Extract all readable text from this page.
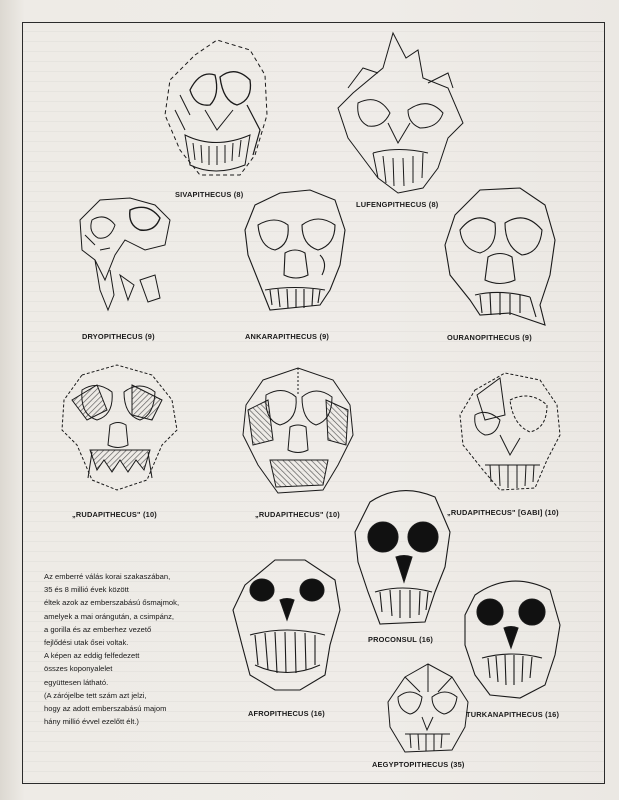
SIVAPITHECUS (8)
LUFENGPITHECUS (8)
DRYOPITHECUS (9)	ANKARAPITHECUS (9)	OURANOPITHECUS (9)
„RUDAPITHECUS" (10)	„RUDAPITHECUS" (10)	„RUDAPITHECUS" [GABI] (10)
PROCONSUL (16)
AFROPITHECUS (16)	TURKANAPITHECUS (16)
AEGYPTOPITHECUS (35)
Az emberré válás korai szakaszában,
35 és 8 millió évek között
éltek azok az emberszabású ősmajmok,
amelyek a mai orángután, a csimpánz,
a gorilla és az emberhez vezető
fejlődési utak ősei voltak.
A képen az eddig felfedezett
összes koponyalelet
együttesen látható.
(A zárójelbe tett szám azt jelzi,
hogy az adott emberszabású majom
hány millió évvel ezelőtt élt.)
